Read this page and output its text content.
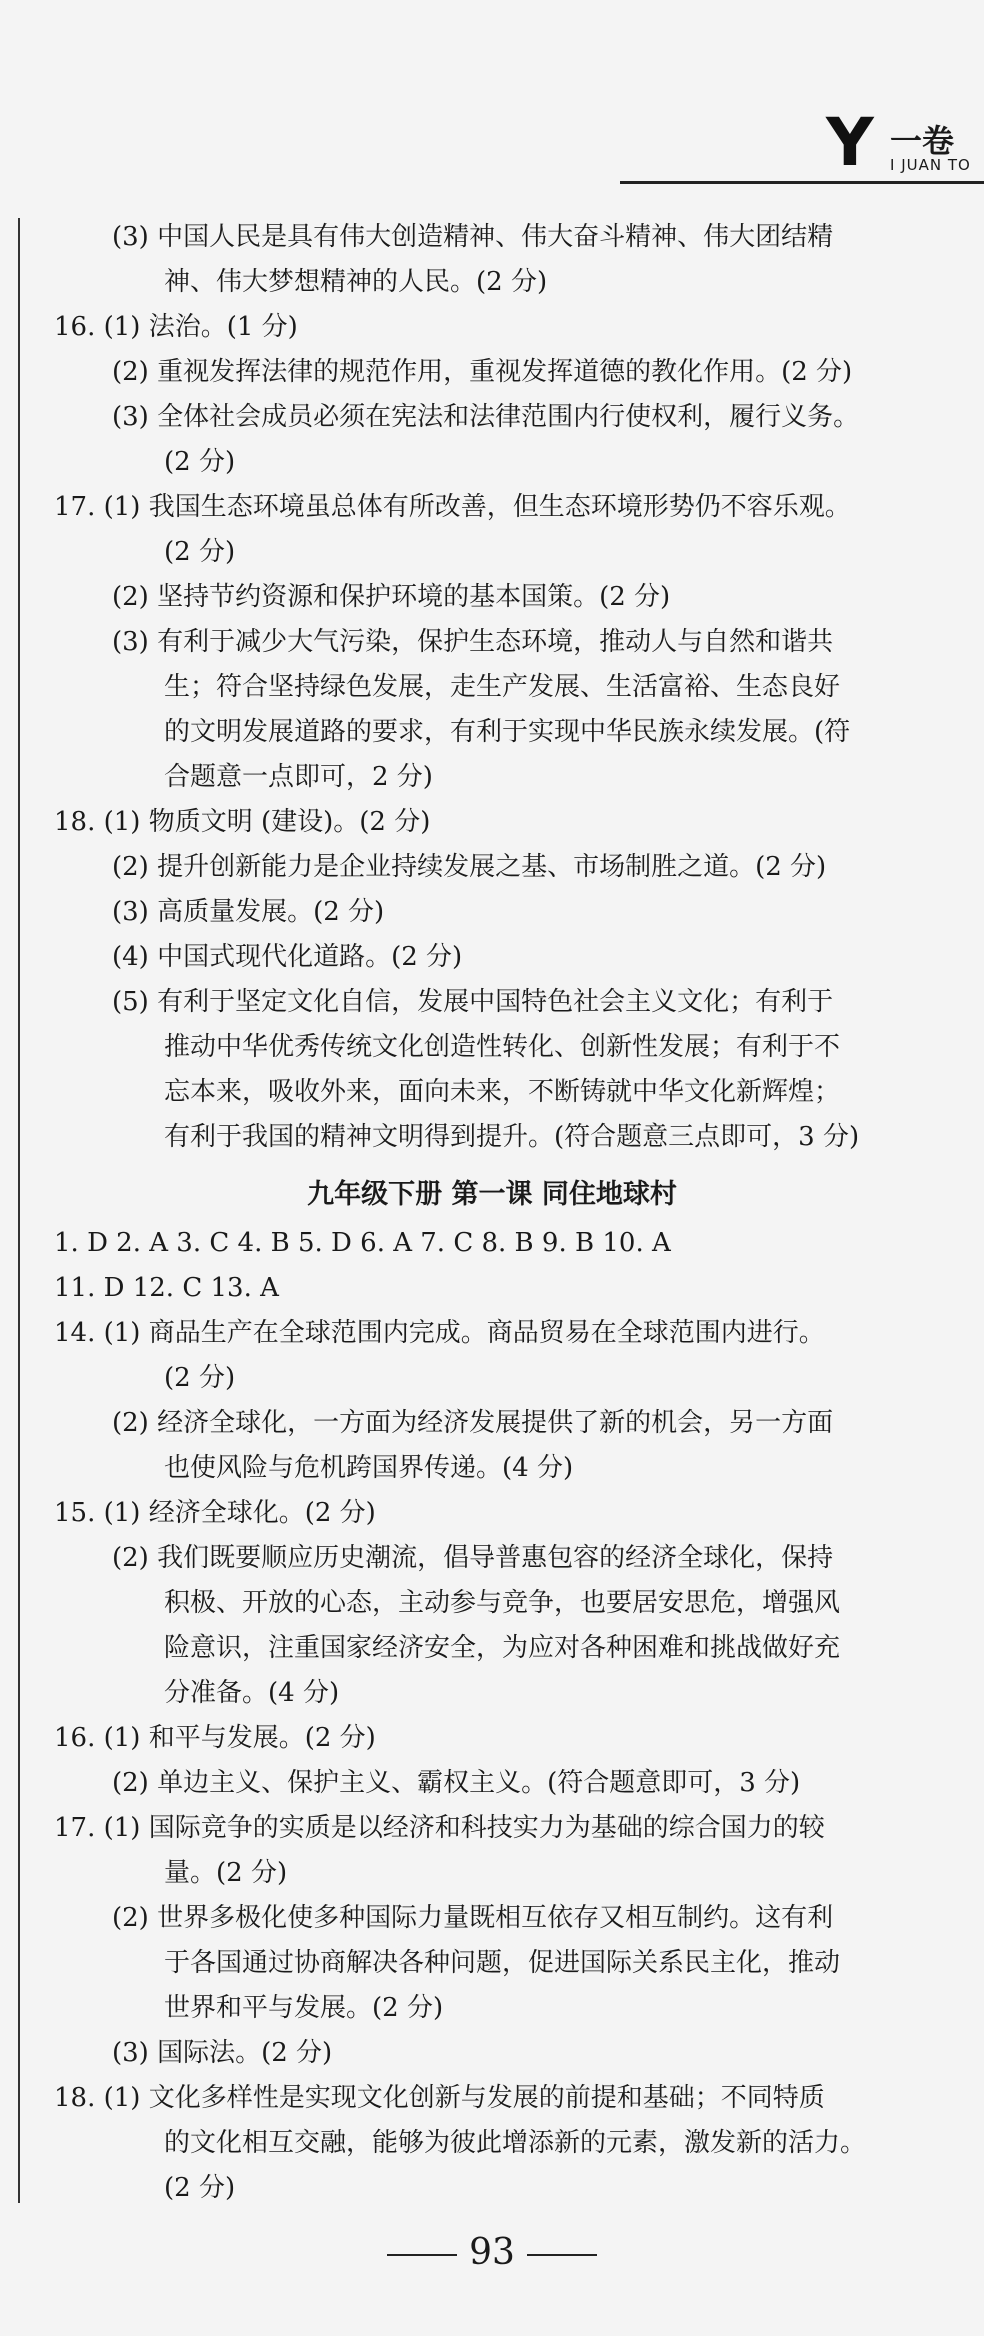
Y 一卷
I JUAN TO
九年级下册 第一课 同住地球村
(3) 中国人民是具有伟大创造精神、伟大奋斗精神、伟大团结精
神、伟大梦想精神的人民。(2 分)
16. (1) 法治。(1 分)
(2) 重视发挥法律的规范作用，重视发挥道德的教化作用。(2 分)
(3) 全体社会成员必须在宪法和法律范围内行使权利，履行义务。
(2 分)
17. (1) 我国生态环境虽总体有所改善，但生态环境形势仍不容乐观。
(2 分)
(2) 坚持节约资源和保护环境的基本国策。(2 分)
(3) 有利于减少大气污染，保护生态环境，推动人与自然和谐共
生；符合坚持绿色发展，走生产发展、生活富裕、生态良好
的文明发展道路的要求，有利于实现中华民族永续发展。(符
合题意一点即可，2 分)
18. (1) 物质文明 (建设)。(2 分)
(2) 提升创新能力是企业持续发展之基、市场制胜之道。(2 分)
(3) 高质量发展。(2 分)
(4) 中国式现代化道路。(2 分)
(5) 有利于坚定文化自信，发展中国特色社会主义文化；有利于
推动中华优秀传统文化创造性转化、创新性发展；有利于不
忘本来，吸收外来，面向未来，不断铸就中华文化新辉煌；
有利于我国的精神文明得到提升。(符合题意三点即可，3 分)
1. D 2. A 3. C 4. B 5. D 6. A 7. C 8. B 9. B 10. A
11. D 12. C 13. A
14. (1) 商品生产在全球范围内完成。商品贸易在全球范围内进行。
(2 分)
(2) 经济全球化，一方面为经济发展提供了新的机会，另一方面
也使风险与危机跨国界传递。(4 分)
15. (1) 经济全球化。(2 分)
(2) 我们既要顺应历史潮流，倡导普惠包容的经济全球化，保持
积极、开放的心态，主动参与竞争，也要居安思危，增强风
险意识，注重国家经济安全，为应对各种困难和挑战做好充
分准备。(4 分)
16. (1) 和平与发展。(2 分)
(2) 单边主义、保护主义、霸权主义。(符合题意即可，3 分)
17. (1) 国际竞争的实质是以经济和科技实力为基础的综合国力的较
量。(2 分)
(2) 世界多极化使多种国际力量既相互依存又相互制约。这有利
于各国通过协商解决各种问题，促进国际关系民主化，推动
世界和平与发展。(2 分)
(3) 国际法。(2 分)
18. (1) 文化多样性是实现文化创新与发展的前提和基础；不同特质
的文化相互交融，能够为彼此增添新的元素，激发新的活力。
(2 分)
93
